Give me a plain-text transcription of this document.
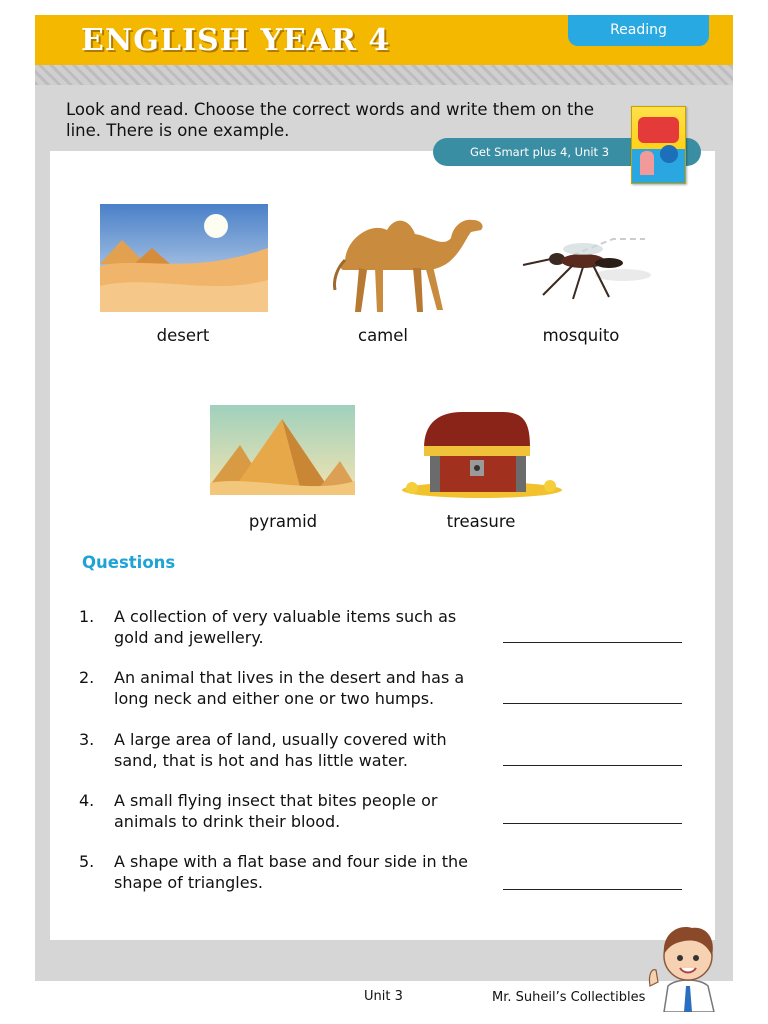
ENGLISH YEAR 4	Reading
Look and read. Choose the correct words and write them on the line. There is one example.
Get Smart plus 4, Unit 3
desert	camel	mosquito
pyramid	treasure
Questions
1.	A collection of very valuable items such as gold and jewellery.
2.	An animal that lives in the desert and has a long neck and either one or two humps.
3.	A large area of land, usually covered with sand, that is hot and has little water.
4.	A small flying insect that bites people or animals to drink their blood.
5.	A shape with a flat base and four side in the shape of triangles.
Unit 3	Mr. Suheil’s Collectibles
